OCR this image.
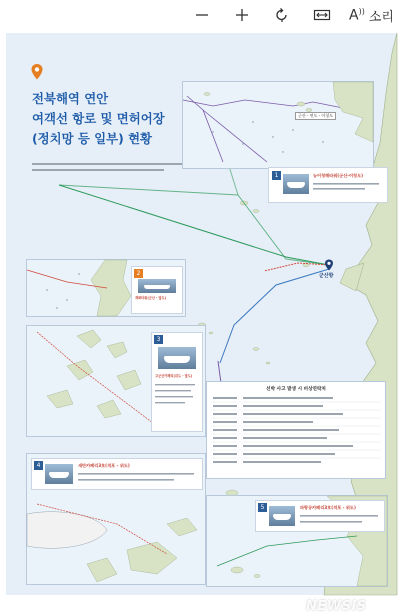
A)) 소리
전북해역 연안
여객선 항로 및 면허어장
(정치망 등 일부) 현황
군산 - 연도 - 어청도
1	뉴어청해타워(군산-어청도)
2
계화타워(군산 - 말도)
3
고군산카페리(위도 - 말도)
선박 사고 발생 시 비상연락처
4	새만카페리3호(격포 - 위도)
5	파랑공카페리3호(격포 - 위도)
군산항
NEWSIS
